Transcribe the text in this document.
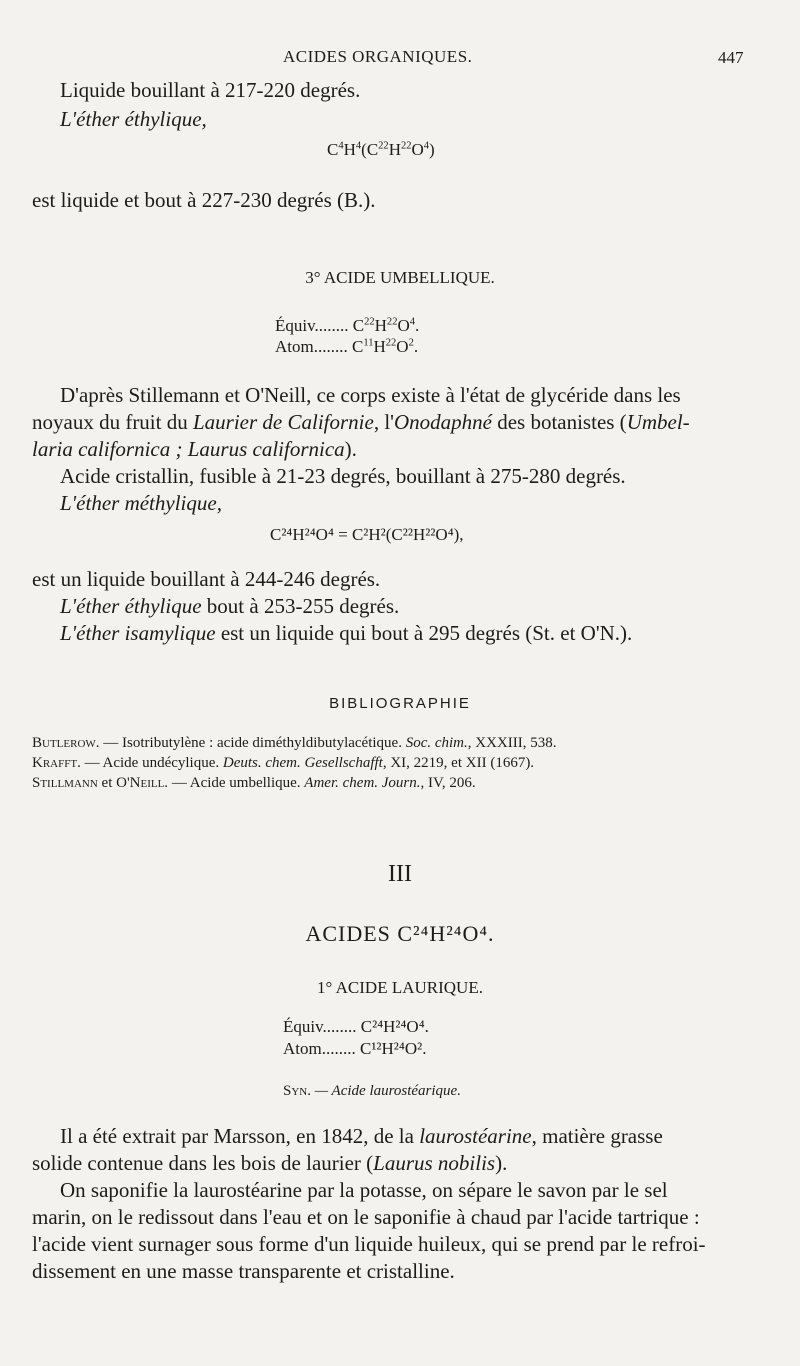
ACIDES ORGANIQUES.	447
Liquide bouillant à 217-220 degrés.
L'éther éthylique,
$C^4H^4(C^{22}H^{22}O^4)$
est liquide et bout à 227-230 degrés (B.).
3° ACIDE UMBELLIQUE.
Équiv........ $C^{22}H^{22}O^4$.
Atom........ $C^{11}H^{22}O^2$.
D'après Stillemann et O'Neill, ce corps existe à l'état de glycéride dans les
noyaux du fruit du Laurier de Californie, l'Onodaphné des botanistes (Umbel-
laria californica ; Laurus californica).
Acide cristallin, fusible à 21-23 degrés, bouillant à 275-280 degrés.
L'éther méthylique,
C²⁴H²⁴O⁴ = C²H²(C²²H²²O⁴),
est un liquide bouillant à 244-246 degrés.
L'éther éthylique bout à 253-255 degrés.
L'éther isamylique est un liquide qui bout à 295 degrés (St. et O'N.).
BIBLIOGRAPHIE
Butlerow. — Isotributylène : acide diméthyldibutylacétique. Soc. chim., XXXIII, 538.
Krafft. — Acide undécylique. Deuts. chem. Gesellschafft, XI, 2219, et XII (1667).
Stillmann et O'Neill. — Acide umbellique. Amer. chem. Journ., IV, 206.
III
ACIDES C²⁴H²⁴O⁴.
1° ACIDE LAURIQUE.
Équiv........ C²⁴H²⁴O⁴.
Atom........ C¹²H²⁴O².
Syn. — Acide laurostéarique.
Il a été extrait par Marsson, en 1842, de la laurostéarine, matière grasse
solide contenue dans les bois de laurier (Laurus nobilis).
On saponifie la laurostéarine par la potasse, on sépare le savon par le sel
marin, on le redissout dans l'eau et on le saponifie à chaud par l'acide tartrique :
l'acide vient surnager sous forme d'un liquide huileux, qui se prend par le refroi-
dissement en une masse transparente et cristalline.
